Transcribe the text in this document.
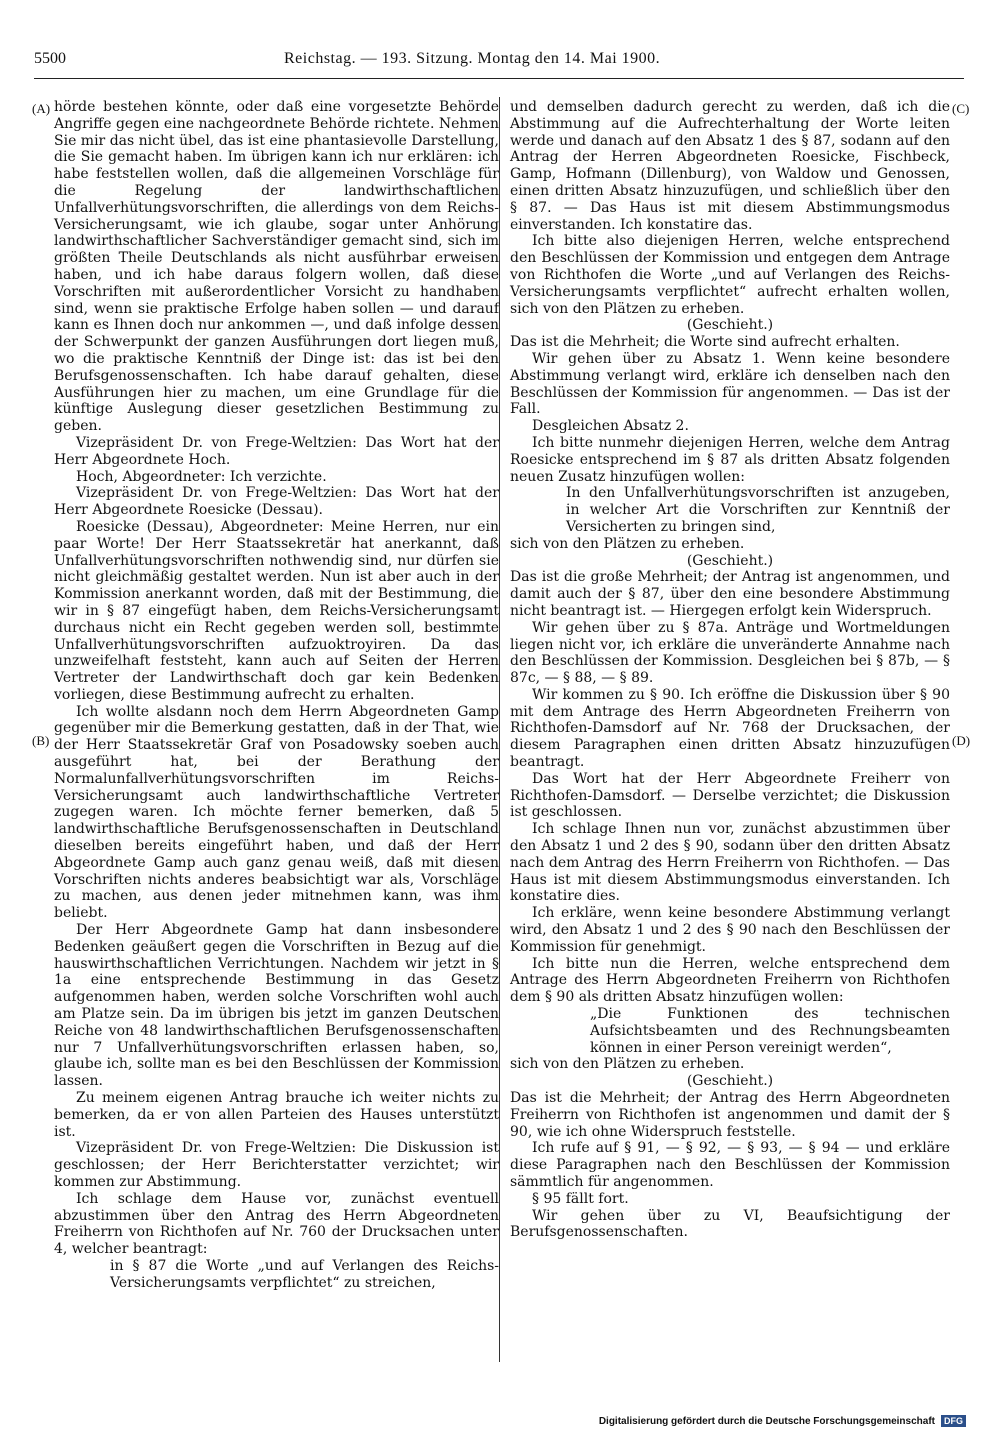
5500	Reichstag. — 193. Sitzung. Montag den 14. Mai 1900.
(A)
(B)
(C)
(D)

hörde bestehen könnte, oder daß eine vorgesetzte Behörde Angriffe gegen eine nachgeordnete Behörde richtete. Nehmen Sie mir das nicht übel, das ist eine phantasievolle Darstellung, die Sie gemacht haben. Im übrigen kann ich nur erklären: ich habe feststellen wollen, daß die allgemeinen Vorschläge für die Regelung der landwirthschaftlichen Unfallverhütungsvorschriften, die allerdings von dem Reichs-Versicherungsamt, wie ich glaube, sogar unter Anhörung landwirthschaftlicher Sachverständiger gemacht sind, sich im größten Theile Deutschlands als nicht ausführbar erweisen haben, und ich habe daraus folgern wollen, daß diese Vorschriften mit außerordentlicher Vorsicht zu handhaben sind, wenn sie praktische Erfolge haben sollen — und darauf kann es Ihnen doch nur ankommen —, und daß infolge dessen der Schwerpunkt der ganzen Ausführungen dort liegen muß, wo die praktische Kenntniß der Dinge ist: das ist bei den Berufsgenossenschaften. Ich habe darauf gehalten, diese Ausführungen hier zu machen, um eine Grundlage für die künftige Auslegung dieser gesetzlichen Bestimmung zu geben.

Vizepräsident Dr. von Frege-Weltzien: Das Wort hat der Herr Abgeordnete Hoch.

Hoch, Abgeordneter: Ich verzichte.

Vizepräsident Dr. von Frege-Weltzien: Das Wort hat der Herr Abgeordnete Roesicke (Dessau).

Roesicke (Dessau), Abgeordneter: Meine Herren, nur ein paar Worte! Der Herr Staatssekretär hat anerkannt, daß Unfallverhütungsvorschriften nothwendig sind, nur dürfen sie nicht gleichmäßig gestaltet werden. Nun ist aber auch in der Kommission anerkannt worden, daß mit der Bestimmung, die wir in § 87 eingefügt haben, dem Reichs-Versicherungsamt durchaus nicht ein Recht gegeben werden soll, bestimmte Unfallverhütungsvorschriften aufzuoktroyiren. Da das unzweifelhaft feststeht, kann auch auf Seiten der Herren Vertreter der Landwirthschaft doch gar kein Bedenken vorliegen, diese Bestimmung aufrecht zu erhalten.

Ich wollte alsdann noch dem Herrn Abgeordneten Gamp gegenüber mir die Bemerkung gestatten, daß in der That, wie der Herr Staatssekretär Graf von Posadowsky soeben auch ausgeführt hat, bei der Berathung der Normalunfallverhütungsvorschriften im Reichs-Versicherungsamt auch landwirthschaftliche Vertreter zugegen waren. Ich möchte ferner bemerken, daß 5 landwirthschaftliche Berufsgenossenschaften in Deutschland dieselben bereits eingeführt haben, und daß der Herr Abgeordnete Gamp auch ganz genau weiß, daß mit diesen Vorschriften nichts anderes beabsichtigt war als, Vorschläge zu machen, aus denen jeder mitnehmen kann, was ihm beliebt.

Der Herr Abgeordnete Gamp hat dann insbesondere Bedenken geäußert gegen die Vorschriften in Bezug auf die hauswirthschaftlichen Verrichtungen. Nachdem wir jetzt in § 1a eine entsprechende Bestimmung in das Gesetz aufgenommen haben, werden solche Vorschriften wohl auch am Platze sein. Da im übrigen bis jetzt im ganzen Deutschen Reiche von 48 landwirthschaftlichen Berufsgenossenschaften nur 7 Unfallverhütungsvorschriften erlassen haben, so, glaube ich, sollte man es bei den Beschlüssen der Kommission lassen.

Zu meinem eigenen Antrag brauche ich weiter nichts zu bemerken, da er von allen Parteien des Hauses unterstützt ist.

Vizepräsident Dr. von Frege-Weltzien: Die Diskussion ist geschlossen; der Herr Berichterstatter verzichtet; wir kommen zur Abstimmung.

Ich schlage dem Hause vor, zunächst eventuell abzustimmen über den Antrag des Herrn Abgeordneten Freiherrn von Richthofen auf Nr. 760 der Drucksachen unter 4, welcher beantragt:

in § 87 die Worte „und auf Verlangen des Reichs-Versicherungsamts verpflichtet“ zu streichen,

und demselben dadurch gerecht zu werden, daß ich die Abstimmung auf die Aufrechterhaltung der Worte leiten werde und danach auf den Absatz 1 des § 87, sodann auf den Antrag der Herren Abgeordneten Roesicke, Fischbeck, Gamp, Hofmann (Dillenburg), von Waldow und Genossen, einen dritten Absatz hinzuzufügen, und schließlich über den § 87. — Das Haus ist mit diesem Abstimmungsmodus einverstanden. Ich konstatire das.

Ich bitte also diejenigen Herren, welche entsprechend den Beschlüssen der Kommission und entgegen dem Antrage von Richthofen die Worte „und auf Verlangen des Reichs-Versicherungsamts verpflichtet“ aufrecht erhalten wollen, sich von den Plätzen zu erheben.

(Geschieht.)

Das ist die Mehrheit; die Worte sind aufrecht erhalten.

Wir gehen über zu Absatz 1. Wenn keine besondere Abstimmung verlangt wird, erkläre ich denselben nach den Beschlüssen der Kommission für angenommen. — Das ist der Fall.

Desgleichen Absatz 2.

Ich bitte nunmehr diejenigen Herren, welche dem Antrag Roesicke entsprechend im § 87 als dritten Absatz folgenden neuen Zusatz hinzufügen wollen:

In den Unfallverhütungsvorschriften ist anzugeben, in welcher Art die Vorschriften zur Kenntniß der Versicherten zu bringen sind,

sich von den Plätzen zu erheben.

(Geschieht.)

Das ist die große Mehrheit; der Antrag ist angenommen, und damit auch der § 87, über den eine besondere Abstimmung nicht beantragt ist. — Hiergegen erfolgt kein Widerspruch.

Wir gehen über zu § 87a. Anträge und Wortmeldungen liegen nicht vor, ich erkläre die unveränderte Annahme nach den Beschlüssen der Kommission. Desgleichen bei § 87b, — § 87c, — § 88, — § 89.

Wir kommen zu § 90. Ich eröffne die Diskussion über § 90 mit dem Antrage des Herrn Abgeordneten Freiherrn von Richthofen-Damsdorf auf Nr. 768 der Drucksachen, der diesem Paragraphen einen dritten Absatz hinzuzufügen beantragt.

Das Wort hat der Herr Abgeordnete Freiherr von Richthofen-Damsdorf. — Derselbe verzichtet; die Diskussion ist geschlossen.

Ich schlage Ihnen nun vor, zunächst abzustimmen über den Absatz 1 und 2 des § 90, sodann über den dritten Absatz nach dem Antrag des Herrn Freiherrn von Richthofen. — Das Haus ist mit diesem Abstimmungsmodus einverstanden. Ich konstatire dies.

Ich erkläre, wenn keine besondere Abstimmung verlangt wird, den Absatz 1 und 2 des § 90 nach den Beschlüssen der Kommission für genehmigt.

Ich bitte nun die Herren, welche entsprechend dem Antrage des Herrn Abgeordneten Freiherrn von Richthofen dem § 90 als dritten Absatz hinzufügen wollen:

„Die Funktionen des technischen Aufsichtsbeamten und des Rechnungsbeamten können in einer Person vereinigt werden“,

sich von den Plätzen zu erheben.

(Geschieht.)

Das ist die Mehrheit; der Antrag des Herrn Abgeordneten Freiherrn von Richthofen ist angenommen und damit der § 90, wie ich ohne Widerspruch feststelle.

Ich rufe auf § 91, — § 92, — § 93, — § 94 — und erkläre diese Paragraphen nach den Beschlüssen der Kommission sämmtlich für angenommen.

§ 95 fällt fort.

Wir gehen über zu VI, Beaufsichtigung der Berufsgenossenschaften.

Digitalisierung gefördert durch die Deutsche Forschungsgemeinschaft	DFG
